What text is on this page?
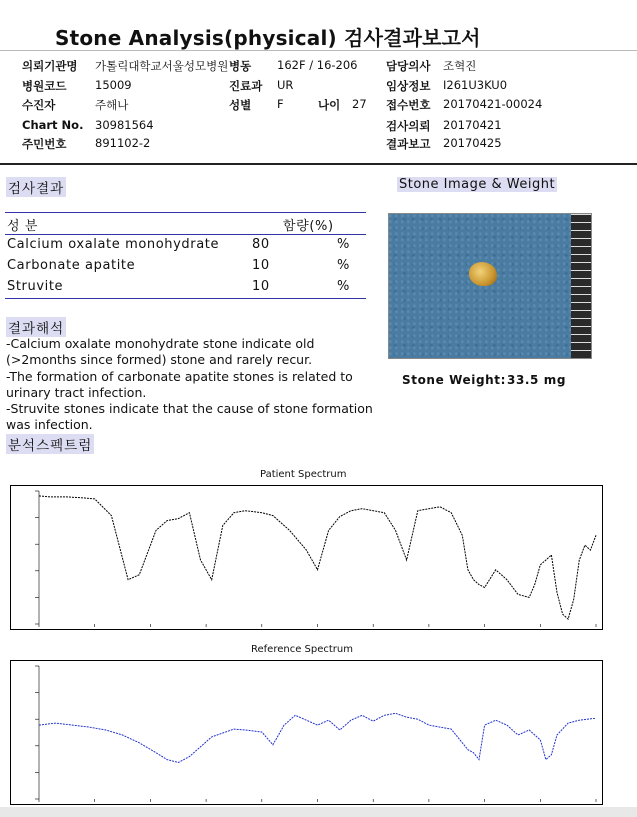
Stone Analysis(physical) 검사결과보고서
의뢰기관명 가톨릭대학교서울성모병원
병원코드 15009
수진자	주해나
Chart No. 30981564
주민번호 891102-2
병동 162F / 16-206
진료과 UR
성별 F	나이 27
담당의사 조혁진
임상정보 I261U3KU0
접수번호 20170421-00024
검사의뢰 20170421
결과보고 20170425
검사결과
성 분	함량(%)
Calcium oxalate monohydrate	80	%
Carbonate apatite	10	%
Struvite	10	%
결과해석
-Calcium oxalate monohydrate stone indicate old (>2months since formed) stone and rarely recur.
-The formation of carbonate apatite stones is related to urinary tract infection.
-Struvite stones indicate that the cause of stone formation was infection.
Stone Image & Weight
Stone Weight: 33.5 mg
분석스펙트럼
Patient Spectrum
Reference Spectrum
